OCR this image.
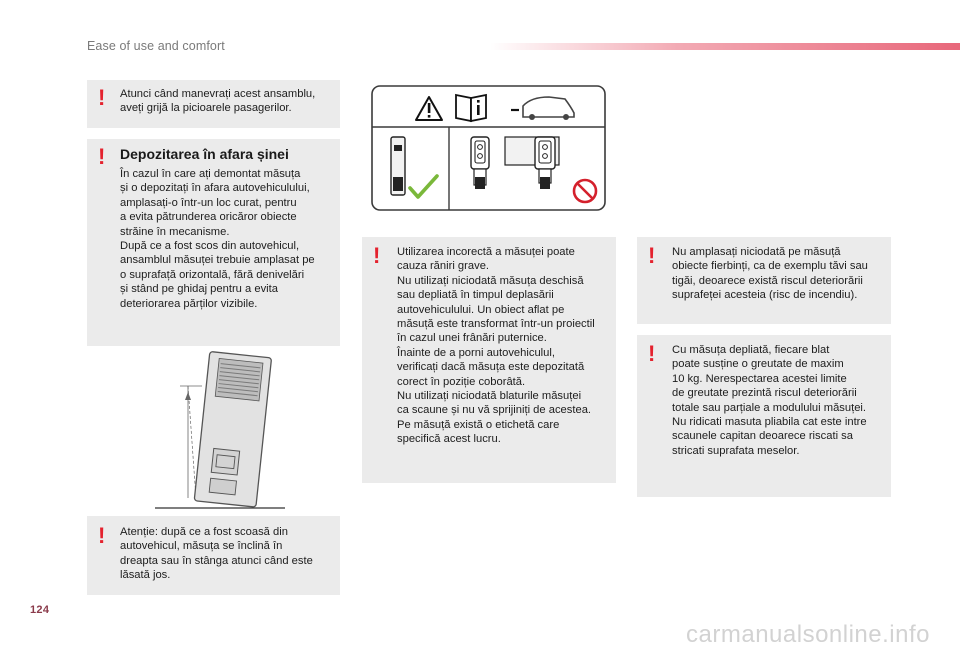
Ease of use and comfort
! Atunci când manevrați acest ansamblu,
aveți grijă la picioarele pasagerilor.
! Depozitarea în afara șinei
În cazul în care ați demontat măsuța
și o depozitați în afara autovehiculului,
amplasați-o într-un loc curat, pentru
a evita pătrunderea oricăror obiecte
străine în mecanisme.
După ce a fost scos din autovehicul,
ansamblul măsuței trebuie amplasat pe
o suprafață orizontală, fără denivelări
și stând pe ghidaj pentru a evita
deteriorarea părților vizibile.
! Atenție: după ce a fost scoasă din
autovehicul, măsuța se înclină în
dreapta sau în stânga atunci când este
lăsată jos.
! Utilizarea incorectă a măsuței poate
cauza răniri grave.
Nu utilizați niciodată măsuța deschisă
sau depliată în timpul deplasării
autovehiculului. Un obiect aflat pe
măsuță este transformat într-un proiectil
în cazul unei frânări puternice.
Înainte de a porni autovehiculul,
verificați dacă măsuța este depozitată
corect în poziție coborâtă.
Nu utilizați niciodată blaturile măsuței
ca scaune și nu vă sprijiniți de acestea.
Pe măsuță există o etichetă care
specifică acest lucru.
! Nu amplasați niciodată pe măsuță
obiecte fierbinți, ca de exemplu tăvi sau
tigăi, deoarece există riscul deteriorării
suprafeței acesteia (risc de incendiu).
! Cu măsuța depliată, fiecare blat
poate susține o greutate de maxim
10 kg. Nerespectarea acestei limite
de greutate prezintă riscul deteriorării
totale sau parțiale a modulului măsuței.
Nu ridicati masuta pliabila cat este intre
scaunele capitan deoarece riscati sa
stricati suprafata meselor.
124
carmanualsonline.info
